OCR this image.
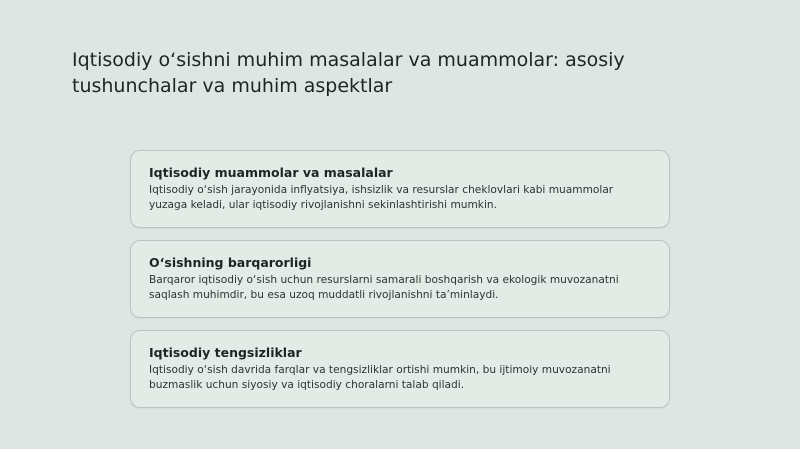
Iqtisodiy o‘sishni muhim masalalar va muammolar: asosiy tushunchalar va muhim aspektlar

Iqtisodiy muammolar va masalalar

Iqtisodiy o‘sish jarayonida inflyatsiya, ishsizlik va resurslar cheklovlari kabi muammolar yuzaga keladi, ular iqtisodiy rivojlanishni sekinlashtirishi mumkin.

O‘sishning barqarorligi

Barqaror iqtisodiy o‘sish uchun resurslarni samarali boshqarish va ekologik muvozanatni saqlash muhimdir, bu esa uzoq muddatli rivojlanishni ta’minlaydi.

Iqtisodiy tengsizliklar

Iqtisodiy o‘sish davrida farqlar va tengsizliklar ortishi mumkin, bu ijtimoiy muvozanatni buzmaslik uchun siyosiy va iqtisodiy choralarni talab qiladi.
